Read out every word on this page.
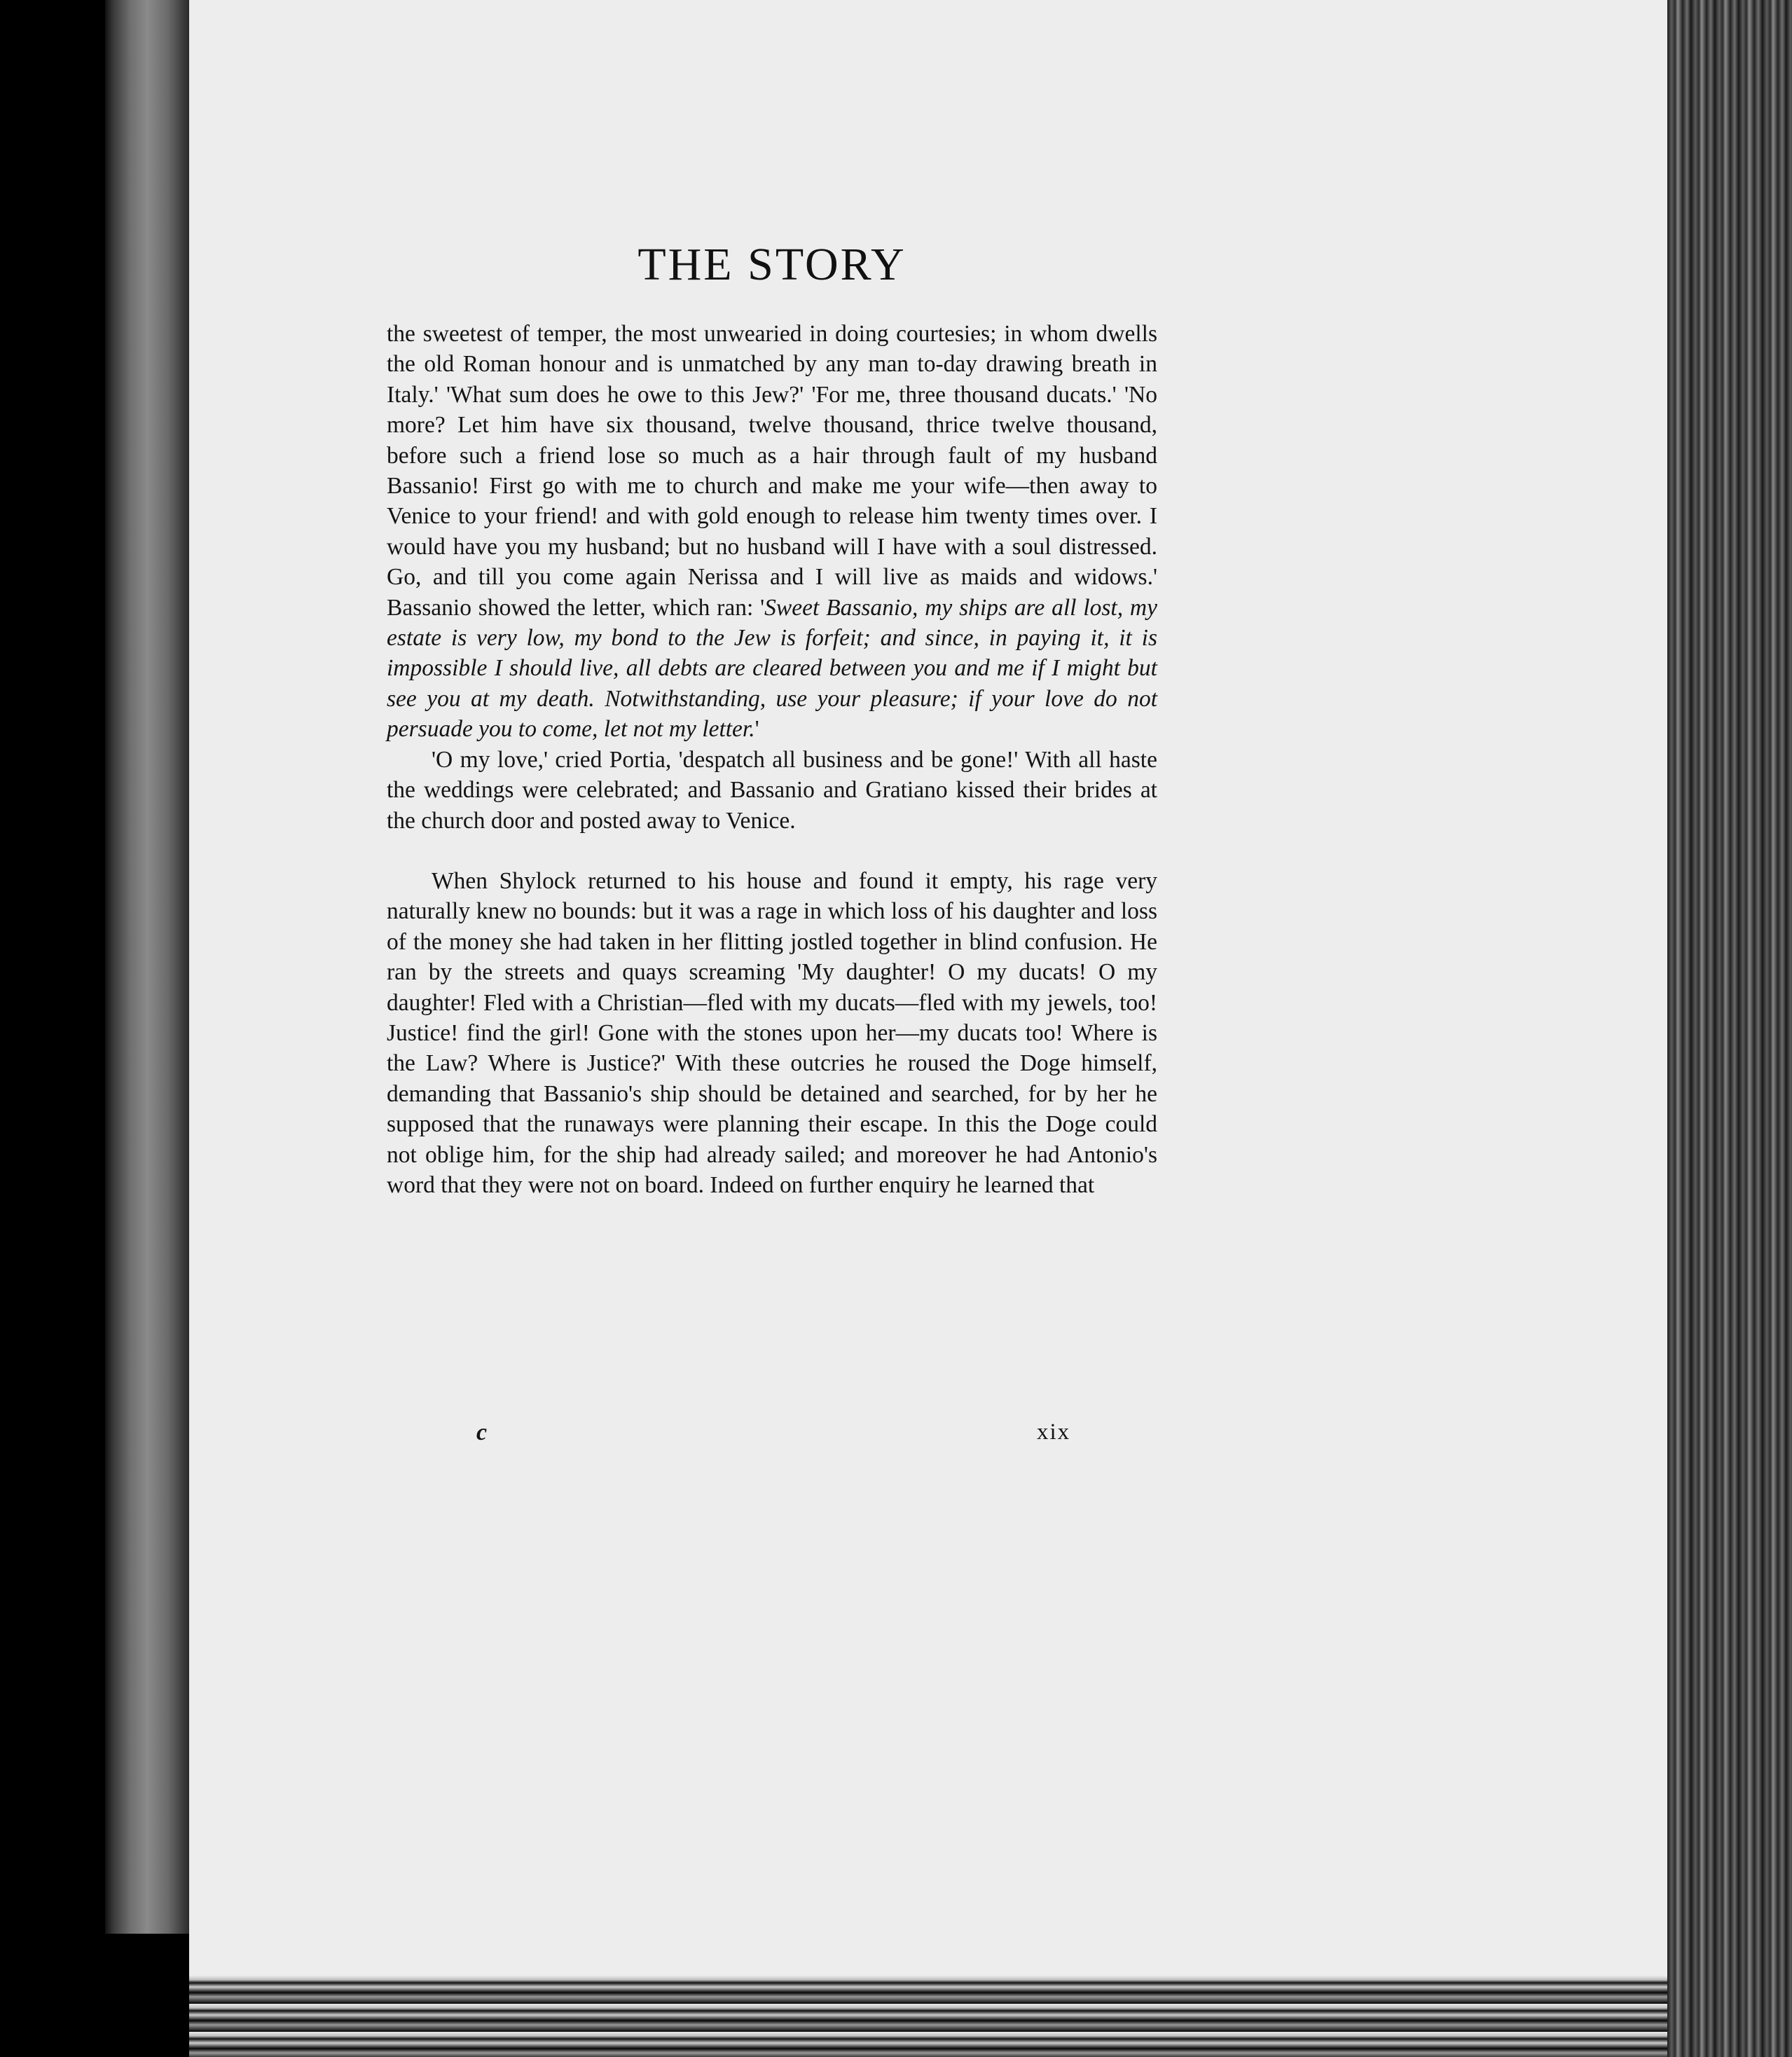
THE STORY

the sweetest of temper, the most unwearied in doing courtesies; in whom dwells the old Roman honour and is unmatched by any man to-day drawing breath in Italy.' 'What sum does he owe to this Jew?' 'For me, three thousand ducats.' 'No more? Let him have six thousand, twelve thousand, thrice twelve thousand, before such a friend lose so much as a hair through fault of my husband Bassanio! First go with me to church and make me your wife—then away to Venice to your friend! and with gold enough to release him twenty times over. I would have you my husband; but no husband will I have with a soul distressed. Go, and till you come again Nerissa and I will live as maids and widows.' Bassanio showed the letter, which ran: 'Sweet Bassanio, my ships are all lost, my estate is very low, my bond to the Jew is forfeit; and since, in paying it, it is impossible I should live, all debts are cleared between you and me if I might but see you at my death. Notwithstanding, use your pleasure; if your love do not persuade you to come, let not my letter.'

'O my love,' cried Portia, 'despatch all business and be gone!' With all haste the weddings were celebrated; and Bassanio and Gratiano kissed their brides at the church door and posted away to Venice.

When Shylock returned to his house and found it empty, his rage very naturally knew no bounds: but it was a rage in which loss of his daughter and loss of the money she had taken in her flitting jostled together in blind confusion. He ran by the streets and quays screaming 'My daughter! O my ducats! O my daughter! Fled with a Christian—fled with my ducats—fled with my jewels, too! Justice! find the girl! Gone with the stones upon her—my ducats too! Where is the Law? Where is Justice?' With these outcries he roused the Doge himself, demanding that Bassanio's ship should be detained and searched, for by her he supposed that the runaways were planning their escape. In this the Doge could not oblige him, for the ship had already sailed; and moreover he had Antonio's word that they were not on board. Indeed on further enquiry he learned that

c	xix
